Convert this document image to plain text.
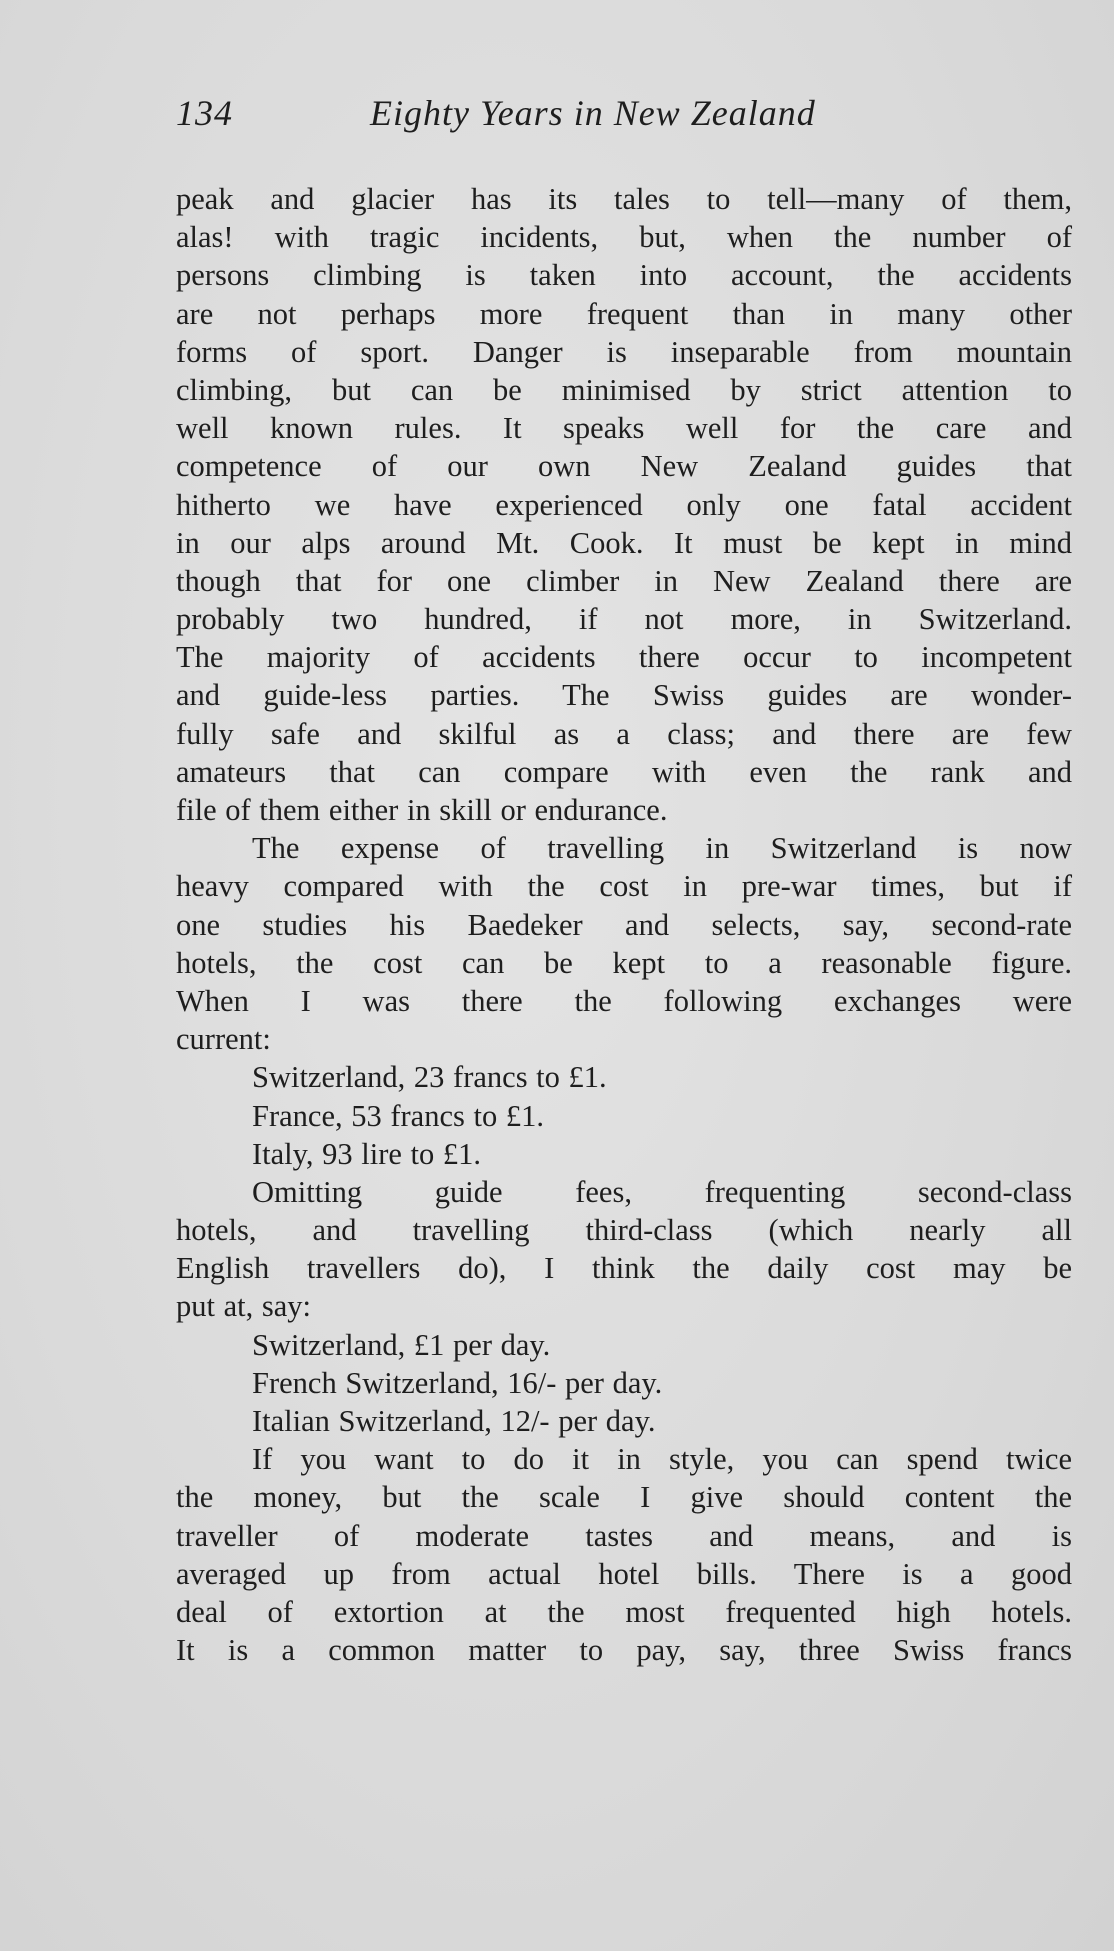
134	Eighty Years in New Zealand
peak and glacier has its tales to tell—many of them,
alas! with tragic incidents, but, when the number of
persons climbing is taken into account, the accidents
are not perhaps more frequent than in many other
forms of sport. Danger is inseparable from mountain
climbing, but can be minimised by strict attention to
well known rules. It speaks well for the care and
competence of our own New Zealand guides that
hitherto we have experienced only one fatal accident
in our alps around Mt. Cook. It must be kept in mind
though that for one climber in New Zealand there are
probably two hundred, if not more, in Switzerland.
The majority of accidents there occur to incompetent
and guide-less parties. The Swiss guides are wonder-
fully safe and skilful as a class; and there are few
amateurs that can compare with even the rank and
file of them either in skill or endurance.
The expense of travelling in Switzerland is now
heavy compared with the cost in pre-war times, but if
one studies his Baedeker and selects, say, second-rate
hotels, the cost can be kept to a reasonable figure.
When I was there the following exchanges were
current:
Switzerland, 23 francs to £1.
France, 53 francs to £1.
Italy, 93 lire to £1.
Omitting guide fees, frequenting second-class
hotels, and travelling third-class (which nearly all
English travellers do), I think the daily cost may be
put at, say:
Switzerland, £1 per day.
French Switzerland, 16/- per day.
Italian Switzerland, 12/- per day.
If you want to do it in style, you can spend twice
the money, but the scale I give should content the
traveller of moderate tastes and means, and is
averaged up from actual hotel bills. There is a good
deal of extortion at the most frequented high hotels.
It is a common matter to pay, say, three Swiss francs
